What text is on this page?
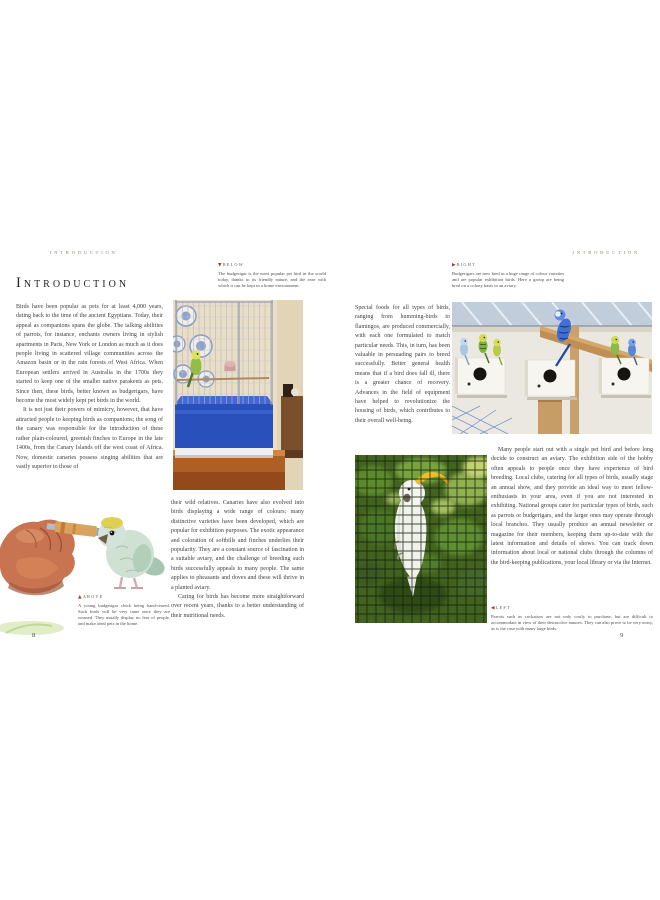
INTRODUCTION	INTRODUCTION
INTRODUCTION

Birds have been popular as pets for at least 4,000 years, dating back to the time of the ancient Egyptians. Today, their appeal as companions spans the globe. The talking abilities of parrots, for instance, enchants owners living in stylish apartments in Paris, New York or London as much as it does people living in scattered village communities across the Amazon basin or in the rain forests of West Africa. When European settlers arrived in Australia in the 1700s they started to keep one of the smaller native parakeets as pets. Since then, these birds, better known as budgerigars, have become the most widely kept pet birds in the world.

It is not just their powers of mimicry, however, that have attracted people to keeping birds as companions; the song of the canary was responsible for the introduction of these rather plain-coloured, greenish finches to Europe in the late 1400s, from the Canary Islands off the west coast of Africa. Now, domestic canaries possess singing abilities that are vastly superior to those of

▼ BELOW
The budgerigar is the most popular pet bird in the world today, thanks to its friendly nature, and the ease with which it can be kept in a home environment.
▶ RIGHT
Budgerigars are now bred in a huge range of colour varieties and are popular exhibition birds. Here a group are being bred on a colony basis in an aviary.

their wild relatives. Canaries have also evolved into birds displaying a wide range of colours; many distinctive varieties have been developed, which are popular for exhibition purposes. The exotic appearance and coloration of softbills and finches underlies their popularity. They are a constant source of fascination in a suitable aviary, and the challenge of breeding such birds successfully appeals to many people. The same applies to pheasants and doves and these will thrive in a planted aviary.

Caring for birds has become more straightforward over recent years, thanks to a better understanding of their nutritional needs.

Special foods for all types of birds, ranging from humming-birds to flamingos, are produced commercially, with each one formulated to match particular needs. This, in turn, has been valuable in persuading pairs to breed successfully. Better general health means that if a bird does fall ill, there is a greater chance of recovery. Advances in the field of equipment have helped to revolutionize the housing of birds, which contributes to their overall well-being.

Many people start out with a single pet bird and before long decide to construct an aviary. The exhibition side of the hobby often appeals to people once they have experience of bird breeding. Local clubs, catering for all types of birds, usually stage an annual show, and they provide an ideal way to meet fellow-enthusiasts in your area, even if you are not interested in exhibiting. National groups cater for particular types of birds, such as parrots or budgerigars, and the larger ones may operate through local branches. They usually produce an annual newsletter or magazine for their members, keeping them up-to-date with the latest information and details of shows. You can track down information about local or national clubs through the columns of the bird-keeping publications, your local library or via the Internet.

◀ LEFT
Parrots such as cockatoos are not only costly to purchase, but are difficult to accommodate in view of their destructive natures. They can also prove to be very noisy, as is the case with many large birds.
▲ ABOVE
A young budgerigar chick being hand-reared. Such birds will be very tame once they are weaned. They usually display no fear of people, and make ideal pets in the home.
8	9
